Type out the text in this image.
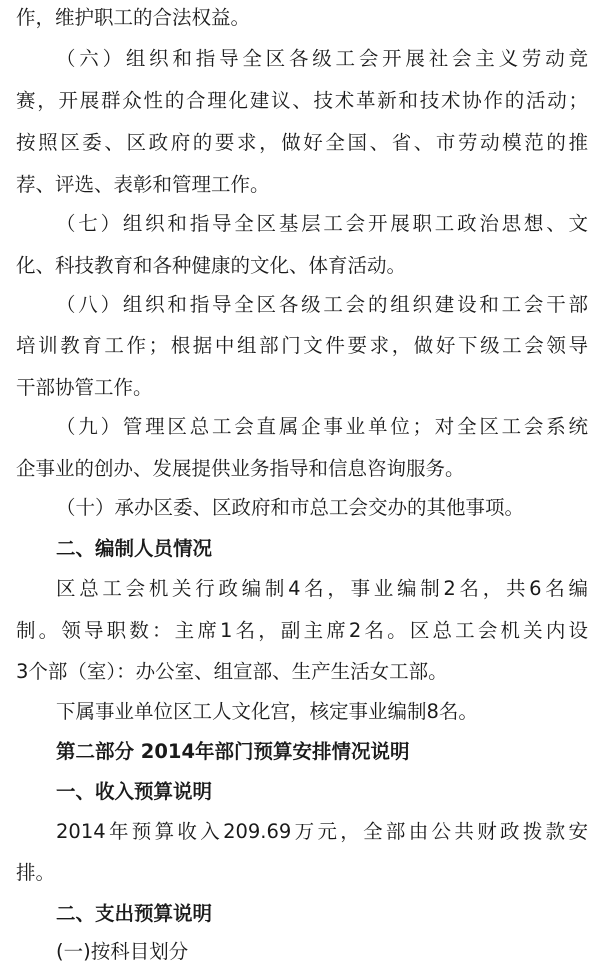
作，维护职工的合法权益。
（六）组织和指导全区各级工会开展社会主义劳动竞
赛，开展群众性的合理化建议、技术革新和技术协作的活动；
按照区委、区政府的要求，做好全国、省、市劳动模范的推
荐、评选、表彰和管理工作。
（七）组织和指导全区基层工会开展职工政治思想、文
化、科技教育和各种健康的文化、体育活动。
（八）组织和指导全区各级工会的组织建设和工会干部
培训教育工作；根据中组部门文件要求，做好下级工会领导
干部协管工作。
（九）管理区总工会直属企事业单位；对全区工会系统
企事业的创办、发展提供业务指导和信息咨询服务。
（十）承办区委、区政府和市总工会交办的其他事项。
二、编制人员情况
区总工会机关行政编制4名，事业编制2名，共6名编
制。领导职数：主席1名，副主席2名。区总工会机关内设
3个部（室）：办公室、组宣部、生产生活女工部。
下属事业单位区工人文化宫，核定事业编制8名。
第二部分 2014年部门预算安排情况说明
一、收入预算说明
2014年预算收入209.69万元，全部由公共财政拨款安
排。
二、支出预算说明
(一)按科目划分
